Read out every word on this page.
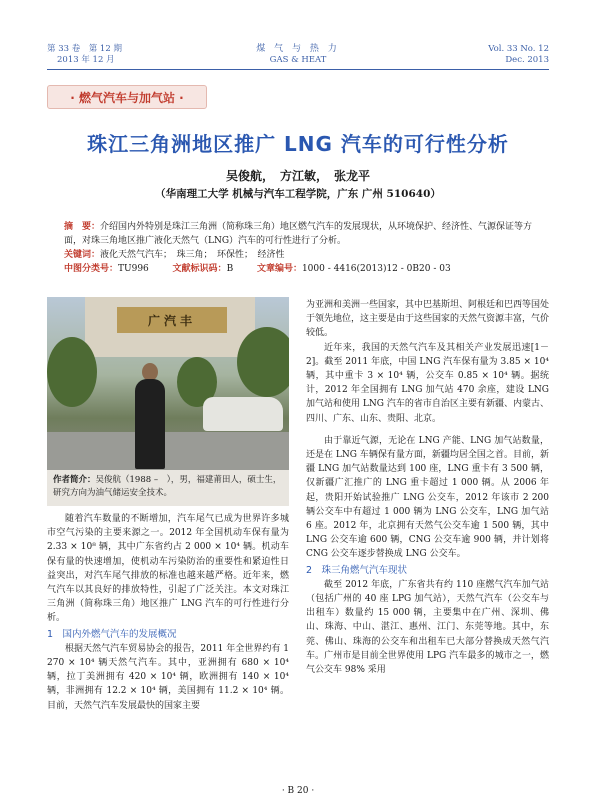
第 33 卷　第 12 期
2013 年 12 月
煤 气 与 热 力
GAS & HEAT
Vol. 33 No. 12
Dec. 2013
· 燃气汽车与加气站 ·
珠江三角洲地区推广 LNG 汽车的可行性分析
吴俊航，　方江敏，　张龙平
（华南理工大学 机械与汽车工程学院，广东 广州 510640）
摘　要：介绍国内外特别是珠江三角洲（简称珠三角）地区燃气汽车的发展现状，从环境保护、经济性、气源保证等方面，对珠三角地区推广液化天然气（LNG）汽车的可行性进行了分析。
关键词：液化天然气汽车；　珠三角；　环保性；　经济性
中图分类号：TU996	文献标识码：B	文章编号：1000 - 4416(2013)12 - 0B20 - 03
广汽丰
作者简介：吴俊航（1988 –　），男，福建莆田人，硕士生，研究方向为油气储运安全技术。

随着汽车数量的不断增加，汽车尾气已成为世界许多城市空气污染的主要来源之一。2012 年全国机动车保有量为 2.33 × 10⁸ 辆，其中广东省约占 2 000 × 10⁴ 辆。机动车保有量的快速增加，使机动车污染防治的重要性和紧迫性日益突出，对汽车尾气排放的标准也越来越严格。近年来，燃气汽车以其良好的排放特性，引起了广泛关注。本文对珠江三角洲（简称珠三角）地区推广 LNG 汽车的可行性进行分析。

1　国内外燃气汽车的发展概况

根据天然气汽车贸易协会的报告，2011 年全世界约有 1 270 × 10⁴ 辆天然气汽车。其中，亚洲拥有 680 × 10⁴ 辆，拉丁美洲拥有 420 × 10⁴ 辆，欧洲拥有 140 × 10⁴ 辆，非洲拥有 12.2 × 10⁴ 辆，美国拥有 11.2 × 10⁴ 辆。目前，天然气汽车发展最快的国家主要

为亚洲和美洲一些国家，其中巴基斯坦、阿根廷和巴西等国处于领先地位，这主要是由于这些国家的天然气资源丰富，气价较低。

近年来，我国的天然气汽车及其相关产业发展迅速[1－2]。截至 2011 年底，中国 LNG 汽车保有量为 3.85 × 10⁴ 辆，其中重卡 3 × 10⁴ 辆，公交车 0.85 × 10⁴ 辆。据统计，2012 年全国拥有 LNG 加气站 470 余座，建设 LNG 加气站和使用 LNG 汽车的省市自治区主要有新疆、内蒙古、四川、广东、山东、贵阳、北京。

由于靠近气源，无论在 LNG 产能、LNG 加气站数量，还是在 LNG 车辆保有量方面，新疆均居全国之首。目前，新疆 LNG 加气站数量达到 100 座，LNG 重卡有 3 500 辆，仅新疆广汇推广的 LNG 重卡超过 1 000 辆。从 2006 年起，贵阳开始试验推广 LNG 公交车，2012 年该市 2 200 辆公交车中有超过 1 000 辆为 LNG 公交车，LNG 加气站 6 座。2012 年，北京拥有天然气公交车逾 1 500 辆，其中 LNG 公交车逾 600 辆，CNG 公交车逾 900 辆，并计划将 CNG 公交车逐步替换成 LNG 公交车。

2　珠三角燃气汽车现状

截至 2012 年底，广东省共有约 110 座燃气汽车加气站（包括广州的 40 座 LPG 加气站），天然气汽车（公交车与出租车）数量约 15 000 辆，主要集中在广州、深圳、佛山、珠海、中山、湛江、惠州、江门、东莞等地。其中，东莞、佛山、珠海的公交车和出租车已大部分替换成天然气汽车。广州市是目前全世界使用 LPG 汽车最多的城市之一，燃气公交车 98% 采用

· B 20 ·
